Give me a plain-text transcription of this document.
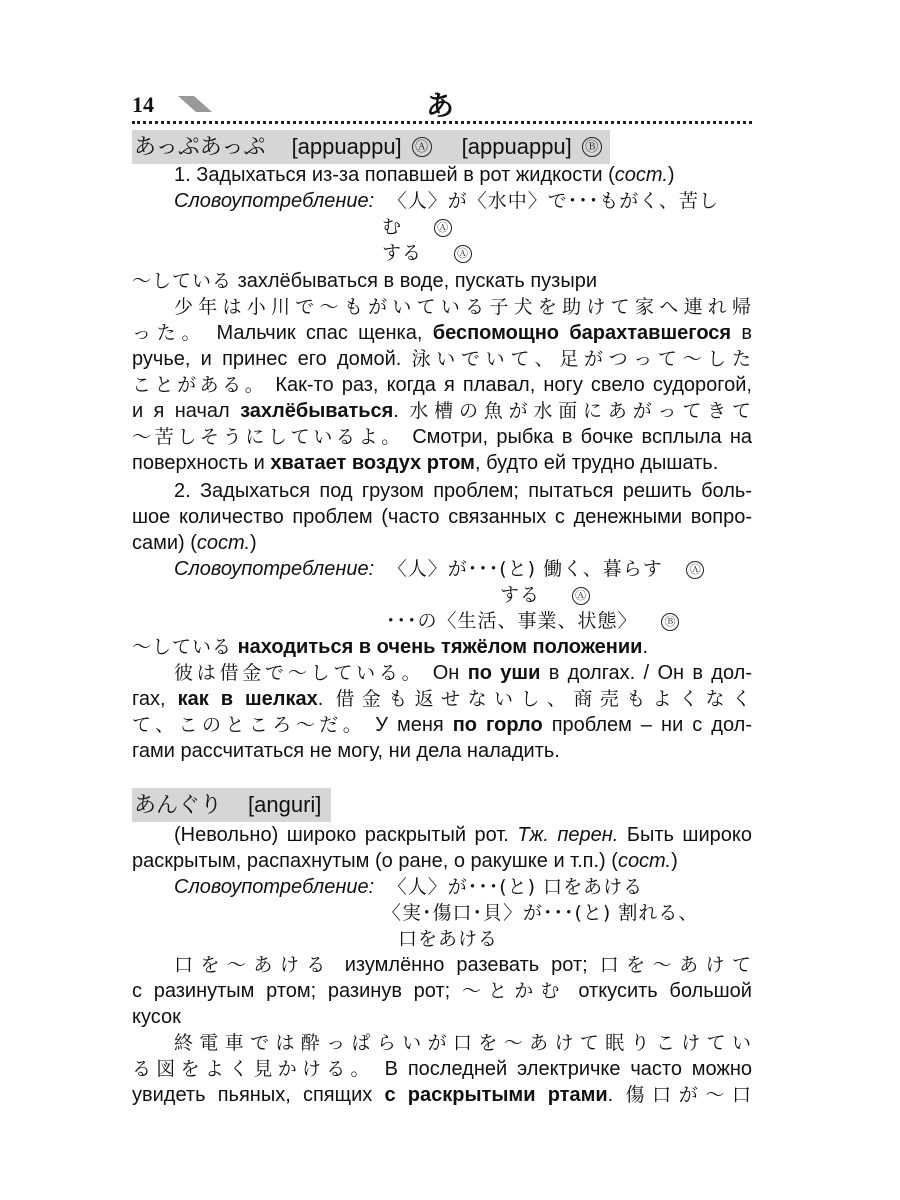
14	あ
あっぷあっぷ [appuappu] Ⓐ [appuappu] Ⓑ
1. Задыхаться из-за попавшей в рот жидкости (сост.)
Словоупотребление: 〈人〉が〈水中〉で･･･もがく、苦し
む	Ⓐ
する	Ⓐ
〜している захлёбываться в воде, пускать пузыри
少年は小川で〜もがいている子犬を助けて家へ連れ帰
った。 Мальчик спас щенка, беспомощно барахтавшегося в
ручье, и принес его домой. 泳いでいて、足がつって〜した
ことがある。 Как-то раз, когда я плавал, ногу свело судорогой,
и я начал захлёбываться. 水槽の魚が水面にあがってきて
〜苦しそうにしているよ。 Смотри, рыбка в бочке всплыла на
поверхность и хватает воздух ртом, будто ей трудно дышать.
2. Задыхаться под грузом проблем; пытаться решить боль-
шое количество проблем (часто связанных с денежными вопро-
сами) (сост.)
Словоупотребление: 〈人〉が･･･(と) 働く、暮らす Ⓐ
する	Ⓐ
･･･の〈生活、事業、状態〉 Ⓑ
〜している находиться в очень тяжёлом положении.
彼は借金で〜している。 Он по уши в долгах. / Он в дол-
гах, как в шелках. 借金も返せないし、商売もよくなく
て、このところ〜だ。 У меня по горло проблем – ни с дол-
гами рассчитаться не могу, ни дела наладить.
あんぐり [anguri]
(Невольно) широко раскрытый рот. Тж. перен. Быть широко
раскрытым, распахнутым (о ране, о ракушке и т.п.) (сост.)
Словоупотребление: 〈人〉が･･･(と) 口をあける
〈実･傷口･貝〉が･･･(と) 割れる、
口をあける
口を〜あける изумлённо разевать рот; 口を〜あけて
с разинутым ртом; разинув рот; 〜とかむ откусить большой
кусок
終電車では酔っぱらいが口を〜あけて眠りこけてい
る図をよく見かける。 В последней электричке часто можно
увидеть пьяных, спящих с раскрытыми ртами. 傷口が〜口
